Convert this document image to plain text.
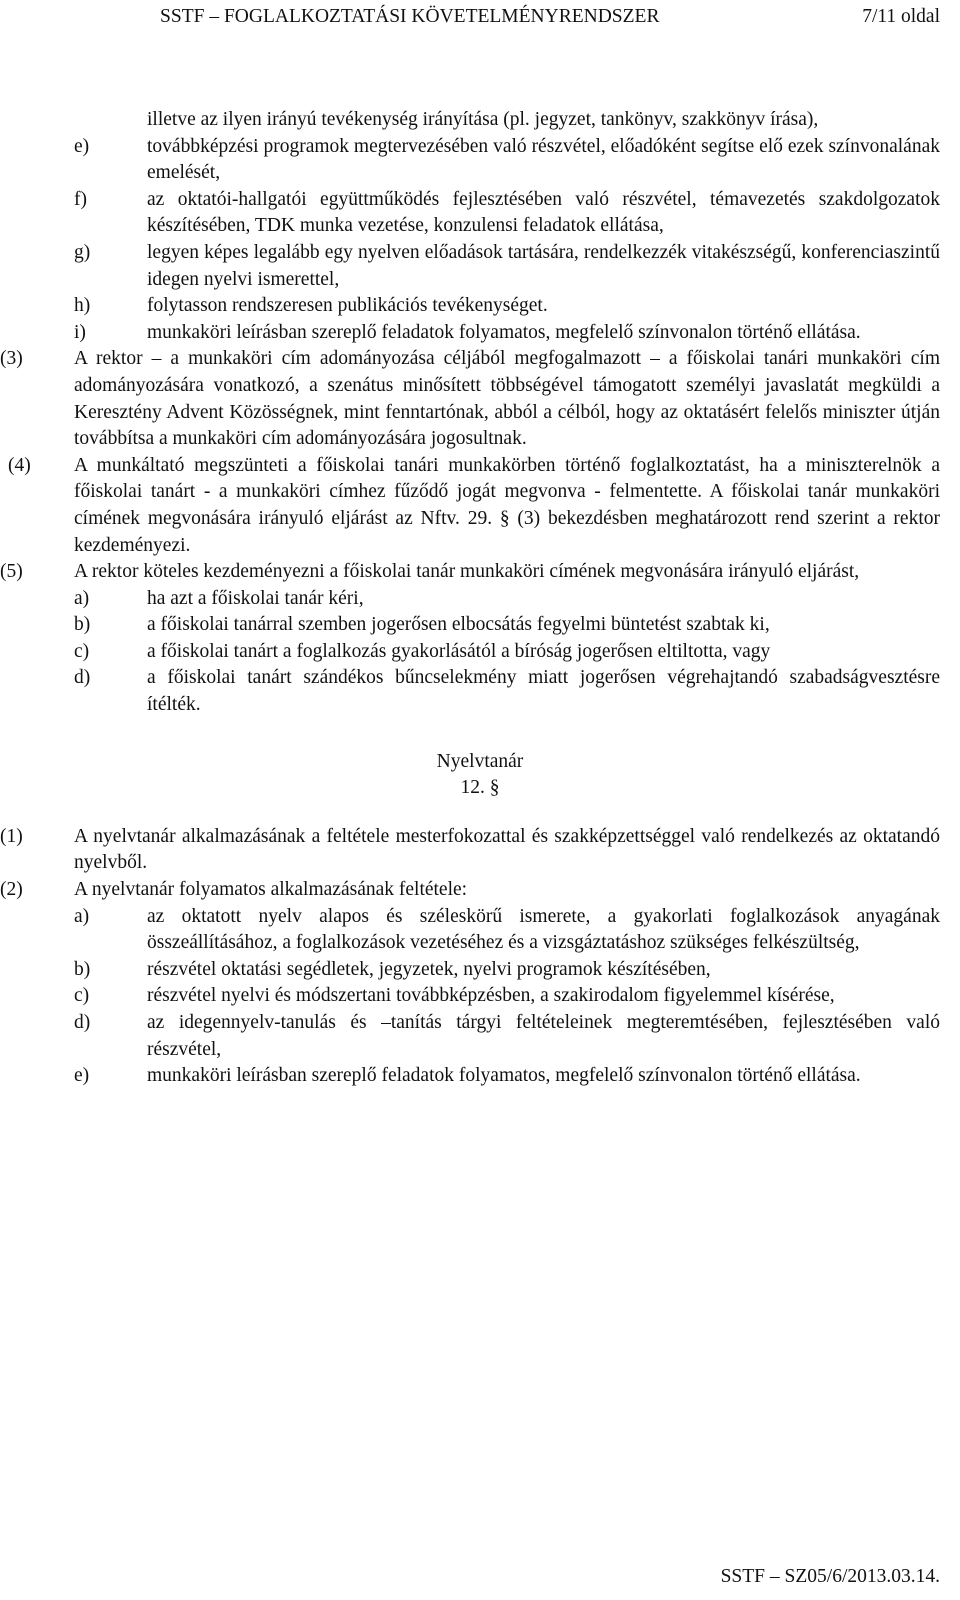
SSTF – FOGLALKOZTATÁSI KÖVETELMÉNYRENDSZER	7/11 oldal
illetve az ilyen irányú tevékenység irányítása (pl. jegyzet, tankönyv, szakkönyv írása),
e)	továbbképzési programok megtervezésében való részvétel, előadóként segítse elő ezek színvonalának emelését,
f)	az oktatói-hallgatói együttműködés fejlesztésében való részvétel, témavezetés szakdolgozatok készítésében, TDK munka vezetése, konzulensi feladatok ellátása,
g)	legyen képes legalább egy nyelven előadások tartására, rendelkezzék vitakészségű, konferenciaszintű idegen nyelvi ismerettel,
h)	folytasson rendszeresen publikációs tevékenységet.
i)	munkaköri leírásban szereplő feladatok folyamatos, megfelelő színvonalon történő ellátása.
(3)	A rektor – a munkaköri cím adományozása céljából megfogalmazott – a főiskolai tanári munkaköri cím adományozására vonatkozó, a szenátus minősített többségével támogatott személyi javaslatát megküldi a Keresztény Advent Közösségnek, mint fenntartónak, abból a célból, hogy az oktatásért felelős miniszter útján továbbítsa a munkaköri cím adományozására jogosultnak.
(4) A munkáltató megszünteti a főiskolai tanári munkakörben történő foglalkoztatást, ha a miniszterelnök a főiskolai tanárt - a munkaköri címhez fűződő jogát megvonva - felmentette. A főiskolai tanár munkaköri címének megvonására irányuló eljárást az Nftv. 29. § (3) bekezdésben meghatározott rend szerint a rektor kezdeményezi.
(5)	A rektor köteles kezdeményezni a főiskolai tanár munkaköri címének megvonására irányuló eljárást,
a)	ha azt a főiskolai tanár kéri,
b)	a főiskolai tanárral szemben jogerősen elbocsátás fegyelmi büntetést szabtak ki,
c)	a főiskolai tanárt a foglalkozás gyakorlásától a bíróság jogerősen eltiltotta, vagy
d)	a főiskolai tanárt szándékos bűncselekmény miatt jogerősen végrehajtandó szabadságvesztésre ítélték.
Nyelvtanár
12. §
(1)	A nyelvtanár alkalmazásának a feltétele mesterfokozattal és szakképzettséggel való rendelkezés az oktatandó nyelvből.
(2)	A nyelvtanár folyamatos alkalmazásának feltétele:
a)	az oktatott nyelv alapos és széleskörű ismerete, a gyakorlati foglalkozások anyagának összeállításához, a foglalkozások vezetéséhez és a vizsgáztatáshoz szükséges felkészültség,
b)	részvétel oktatási segédletek, jegyzetek, nyelvi programok készítésében,
c)	részvétel nyelvi és módszertani továbbképzésben, a szakirodalom figyelemmel kísérése,
d)	az idegennyelv-tanulás és –tanítás tárgyi feltételeinek megteremtésében, fejlesztésében való részvétel,
e)	munkaköri leírásban szereplő feladatok folyamatos, megfelelő színvonalon történő ellátása.
SSTF – SZ05/6/2013.03.14.
